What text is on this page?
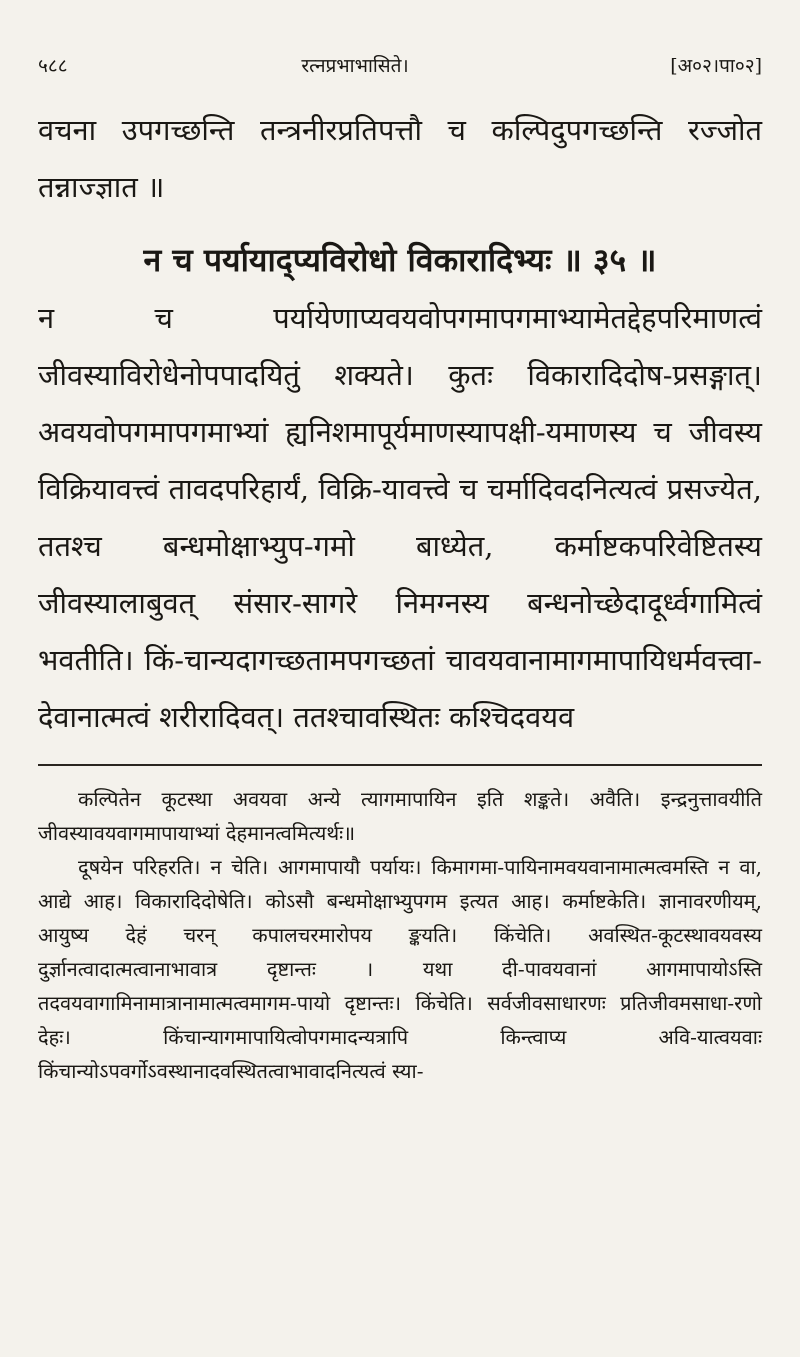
५८८	रत्नप्रभाभासिते।	[अ०२।पा०२]

वचना उपगच्छन्ति तन्त्रनीरप्रतिपत्तौ च कल्पिदुपगच्छन्ति रज्जोत तन्नाज्ज्ञात ॥

न च पर्यायाद्प्यविरोधो विकारादिभ्यः ॥ ३५ ॥

न च पर्यायेणाप्यवयवोपगमापगमाभ्यामेतद्देहपरिमाणत्वं जीवस्याविरोधेनोपपादयितुं शक्यते। कुतः विकारादिदोष-प्रसङ्गात्। अवयवोपगमापगमाभ्यां ह्यनिशमापूर्यमाणस्यापक्षी-यमाणस्य च जीवस्य विक्रियावत्त्वं तावदपरिहार्यं, विक्रि-यावत्त्वे च चर्मादिवदनित्यत्वं प्रसज्येत, ततश्च बन्धमोक्षाभ्युप-गमो बाध्येत, कर्माष्टकपरिवेष्टितस्य जीवस्यालाबुवत् संसार-सागरे निमग्नस्य बन्धनोच्छेदादूर्ध्वगामित्वं भवतीति। किं-चान्यदागच्छतामपगच्छतां चावयवानामागमापायिधर्मवत्त्वा-देवानात्मत्वं शरीरादिवत्। ततश्चावस्थितः कश्चिदवयव

कल्पितेन कूटस्था अवयवा अन्ये त्यागमापायिन इति शङ्कते। अवैति। इन्द्रनुत्तावयीति जीवस्यावयवागमापायाभ्यां देहमानत्वमित्यर्थः॥

दूषयेन परिहरति। न चेति। आगमापायौ पर्यायः। किमागमा-पायिनामवयवानामात्मत्वमस्ति न वा, आद्ये आह। विकारादिदोषेति। कोऽसौ बन्धमोक्षाभ्युपगम इत्यत आह। कर्माष्टकेति। ज्ञानावरणीयम्, आयुष्य देहं चरन् कपालचरमारोपय ङ्कयति। किंचेति। अवस्थित-कूटस्थावयवस्य दुर्ज्ञानत्वादात्मत्वानाभावात्र दृष्टान्तः । यथा दी-पावयवानां आगमापायोऽस्ति तदवयवागामिनामात्रानामात्मत्वमागम-पायो दृष्टान्तः। किंचेति। सर्वजीवसाधारणः प्रतिजीवमसाधा-रणो देहः। किंचान्यागमापायित्वोपगमादन्यत्रापि किन्त्वाप्य अवि-यात्वयवाः किंचान्योऽपवर्गोऽवस्थानादवस्थितत्वाभावादनित्यत्वं स्या-
